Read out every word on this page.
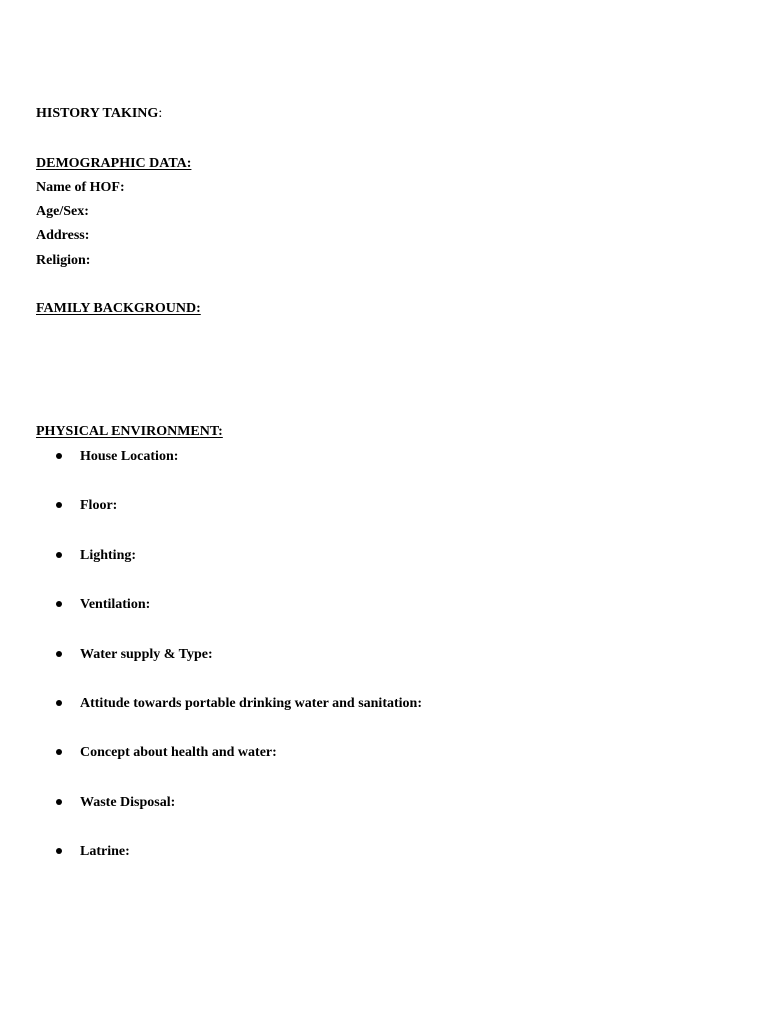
HISTORY TAKING:
DEMOGRAPHIC DATA:
Name of HOF:
Age/Sex:
Address:
Religion:
FAMILY BACKGROUND:
PHYSICAL ENVIRONMENT:
House Location:
Floor:
Lighting:
Ventilation:
Water supply & Type:
Attitude towards portable drinking water and sanitation:
Concept about health and water:
Waste Disposal:
Latrine:
